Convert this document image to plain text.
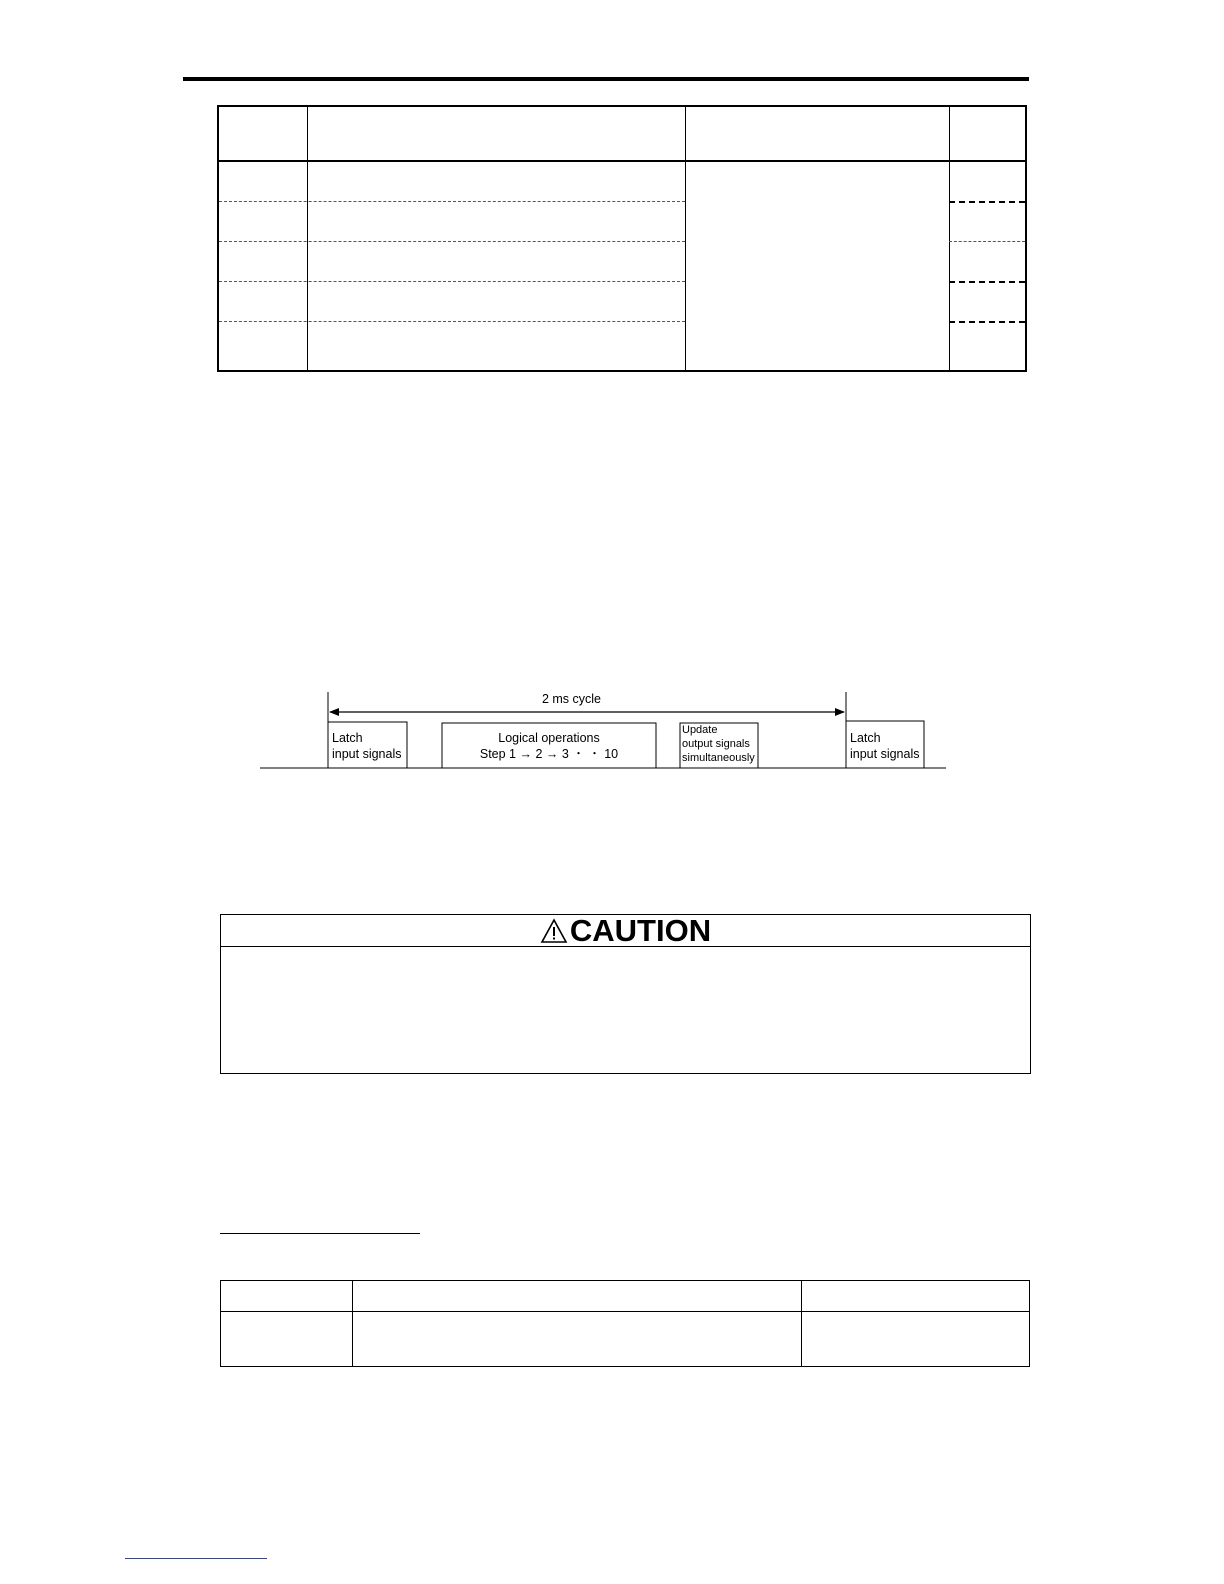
2 ms cycle
Latch
input signals
Logical operations
Step 1 → 2 → 3 ・ ・ 10
Update
output signals
simultaneously
Latch
input signals
CAUTION
